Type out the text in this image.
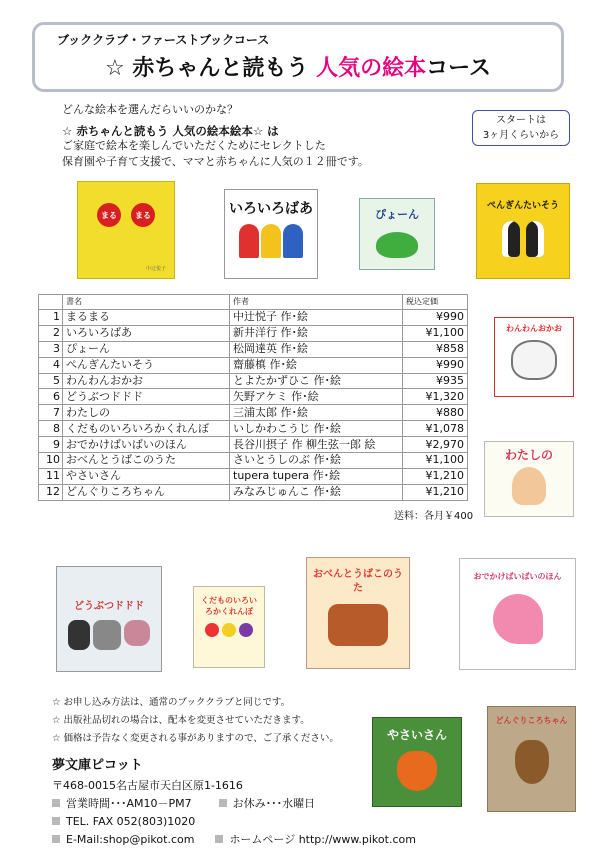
ブッククラブ・ファーストブックコース
☆ 赤ちゃんと読もう 人気の絵本コース
どんな絵本を選んだらいいのかな？
☆ 赤ちゃんと読もう 人気の絵本絵本☆ は
ご家庭で絵本を楽しんでいただくためにセレクトした
保育園や子育て支援で、ママと赤ちゃんに人気の１２冊です。
スタートは
3ヶ月くらいから
まる	まる
中辻悦子
いろいろばあ	ぴょーん
ぺんぎんたいそう
	書名	作者	税込定価
1	まるまる	中辻悦子 作･絵	¥990
2	いろいろばあ	新井洋行 作･絵	¥1,100
3	ぴょーん	松岡達英 作･絵	¥858
4	ぺんぎんたいそう	齋藤槙 作･絵	¥990
5	わんわんおかお	とよたかずひこ 作･絵	¥935
6	どうぶつドドド	矢野アケミ 作･絵	¥1,320
7	わたしの	三浦太郎 作･絵	¥880
8	くだものいろいろかくれんぼ	いしかわこうじ 作･絵	¥1,078
9	おでかけばいばいのほん	長谷川摂子 作 柳生弦一郎 絵	¥2,970
10	おべんとうばこのうた	さいとうしのぶ 作･絵	¥1,100
11	やさいさん	tupera tupera 作･絵	¥1,210
12	どんぐりころちゃん	みなみじゅんこ 作･絵	¥1,210
送料：各月￥400
わんわんおかお
わたしの
どうぶつドドド
くだものいろいろかくれんぼ
おべんとうばこのうた
おでかけばいばいのほん
やさいさん
どんぐりころちゃん
☆ お申し込み方法は、通常のブッククラブと同じです。
☆ 出版社品切れの場合は、配本を変更させていただきます。
☆ 価格は予告なく変更される事がありますので、ご了承ください。
夢文庫ピコット
〒468-0015名古屋市天白区原1-1616
営業時間･･･AM10－PM7	お休み･･･水曜日
TEL. FAX 052(803)1020
E-Mail:shop@pikot.com	ホームページ http://www.pikot.com
